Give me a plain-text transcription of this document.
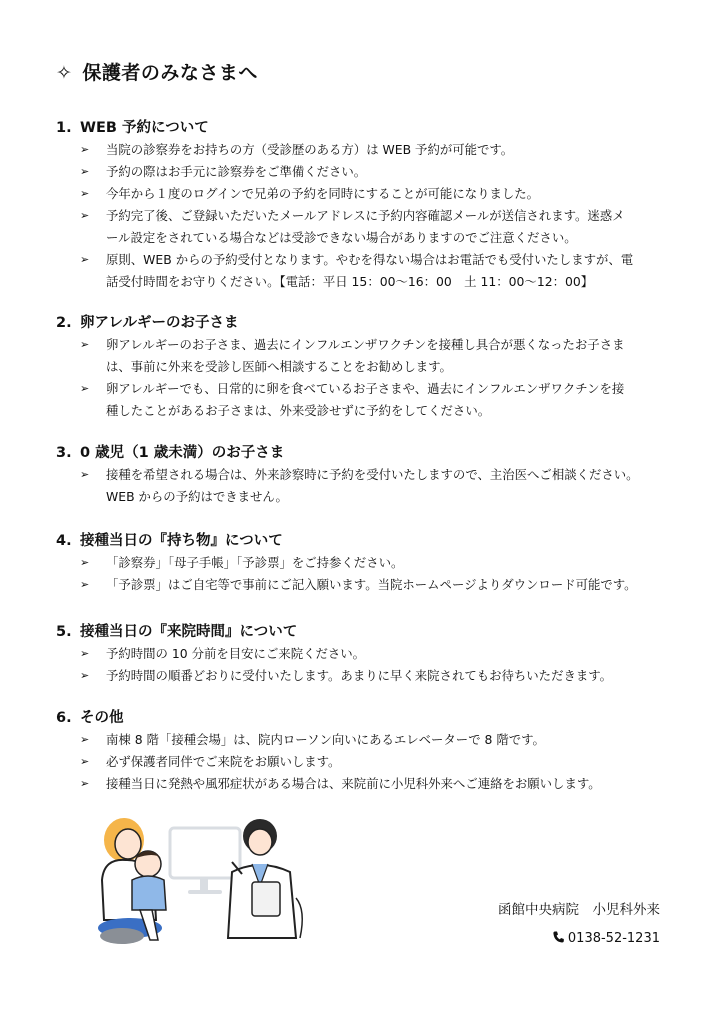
✧ 保護者のみなさまへ
1. WEB 予約について
➢ 当院の診察券をお持ちの方（受診歴のある方）は WEB 予約が可能です。
➢ 予約の際はお手元に診察券をご準備ください。
➢ 今年から１度のログインで兄弟の予約を同時にすることが可能になりました。
➢ 予約完了後、ご登録いただいたメールアドレスに予約内容確認メールが送信されます。迷惑メ
ール設定をされている場合などは受診できない場合がありますのでご注意ください。
➢ 原則、WEB からの予約受付となります。やむを得ない場合はお電話でも受付いたしますが、電
話受付時間をお守りください。【電話：平日 15：00～16：00　土 11：00～12：00】
2. 卵アレルギーのお子さま
➢ 卵アレルギーのお子さま、過去にインフルエンザワクチンを接種し具合が悪くなったお子さま
は、事前に外来を受診し医師へ相談することをお勧めします。
➢ 卵アレルギーでも、日常的に卵を食べているお子さまや、過去にインフルエンザワクチンを接
種したことがあるお子さまは、外来受診せずに予約をしてください。
3. 0 歳児（1 歳未満）のお子さま
➢ 接種を希望される場合は、外来診察時に予約を受付いたしますので、主治医へご相談ください。
WEB からの予約はできません。
4. 接種当日の『持ち物』について
➢ 「診察券」「母子手帳」「予診票」をご持参ください。
➢ 「予診票」はご自宅等で事前にご記入願います。当院ホームページよりダウンロード可能です。
5. 接種当日の『来院時間』について
➢ 予約時間の 10 分前を目安にご来院ください。
➢ 予約時間の順番どおりに受付いたします。あまりに早く来院されてもお待ちいただきます。
6. その他
➢ 南棟 8 階「接種会場」は、院内ローソン向いにあるエレベーターで 8 階です。
➢ 必ず保護者同伴でご来院をお願いします。
➢ 接種当日に発熱や風邪症状がある場合は、来院前に小児科外来へご連絡をお願いします。
函館中央病院　小児科外来
0138-52-1231
